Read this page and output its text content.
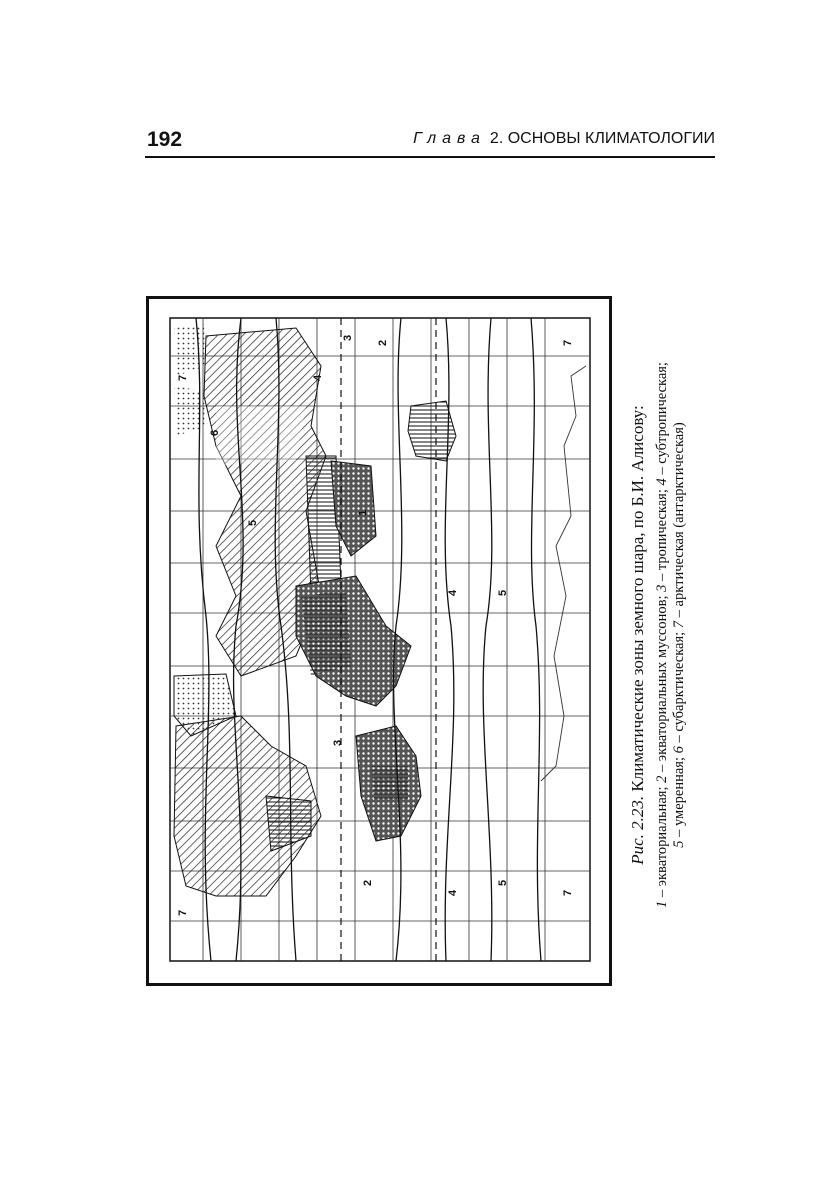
192	Глава 2. ОСНОВЫ КЛИМАТОЛОГИИ
7
6
5
4
3
2
1
4	5
7
3
2
4
5
7
7
Рис. 2.23. Климатические зоны земного шара, по Б.И. Алисову:
1 – экваториальная; 2 – экваториальных муссонов; 3 – тропическая; 4 – субтропическая;
5 – умеренная; 6 – субарктическая; 7 – арктическая (антарктическая)
